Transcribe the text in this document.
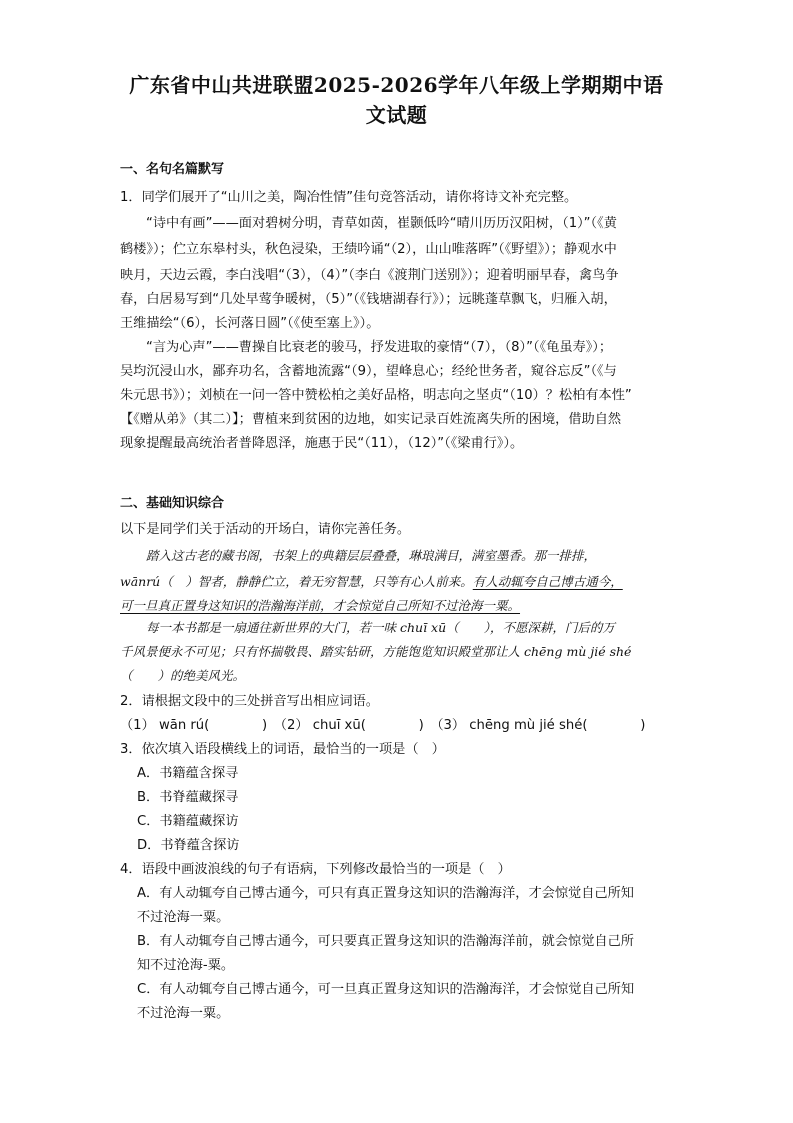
广东省中山共进联盟2025-2026学年八年级上学期期中语
文试题
一、名句名篇默写
1．同学们展开了“山川之美，陶冶性情”佳句竞答活动，请你将诗文补充完整。
“诗中有画”——面对碧树分明，青草如茵，崔颢低吟“晴川历历汉阳树，（1）”（《黄
鹤楼》）；伫立东皋村头，秋色浸染，王绩吟诵“（2），山山唯落晖”（《野望》）；静观水中
映月，天边云霞，李白浅唱“（3），（4）”（李白《渡荆门送别》）；迎着明丽早春，禽鸟争
春，白居易写到“几处早莺争暖树，（5）”（《钱塘湖春行》）；远眺蓬草飘飞，归雁入胡，
王维描绘“（6），长河落日圆”（《使至塞上》）。
“言为心声”——曹操自比衰老的骏马，抒发进取的豪情“（7），（8）”（《龟虽寿》）；
吴均沉浸山水，鄙弃功名，含蓄地流露“（9），望峰息心；经纶世务者，窥谷忘反”（《与
朱元思书》）；刘桢在一问一答中赞松柏之美好品格，明志向之坚贞“（10）？松柏有本性”
【《赠从弟》（其二）】；曹植来到贫困的边地，如实记录百姓流离失所的困境，借助自然
现象提醒最高统治者普降恩泽，施惠于民“（11），（12）”（《梁甫行》）。
二、基础知识综合
以下是同学们关于活动的开场白，请你完善任务。
踏入这古老的藏书阁，书架上的典籍层层叠叠，琳琅满目，满室墨香。那一排排，
wānrú（　）智者，静静伫立，着无穷智慧，只等有心人前来。有人动辄夸自己博古通今，
可一旦真正置身这知识的浩瀚海洋前，才会惊觉自己所知不过沧海一粟。
每一本书都是一扇通往新世界的大门，若一味 chuī xū（　　），不愿深耕，门后的万
千风景便永不可见；只有怀揣敬畏、踏实钻研，方能饱览知识殿堂那让人 chēng mù jié shé
（　　）的绝美风光。
2．请根据文段中的三处拼音写出相应词语。
（1） wān rú(　　　　)　（2） chuī xū(　　　　)　（3） chēng mù jié shé(　　　　)
3．依次填入语段横线上的词语，最恰当的一项是（　）
A．书籍蕴含探寻
B．书脊蕴藏探寻
C．书籍蕴藏探访
D．书脊蕴含探访
4．语段中画波浪线的句子有语病，下列修改最恰当的一项是（　）
A．有人动辄夸自己博古通今，可只有真正置身这知识的浩瀚海洋，才会惊觉自己所知
不过沧海一粟。
B．有人动辄夸自己博古通今，可只要真正置身这知识的浩瀚海洋前，就会惊觉自己所
知不过沧海-粟。
C．有人动辄夸自己博古通今，可一旦真正置身这知识的浩瀚海洋，才会惊觉自己所知
不过沧海一粟。
